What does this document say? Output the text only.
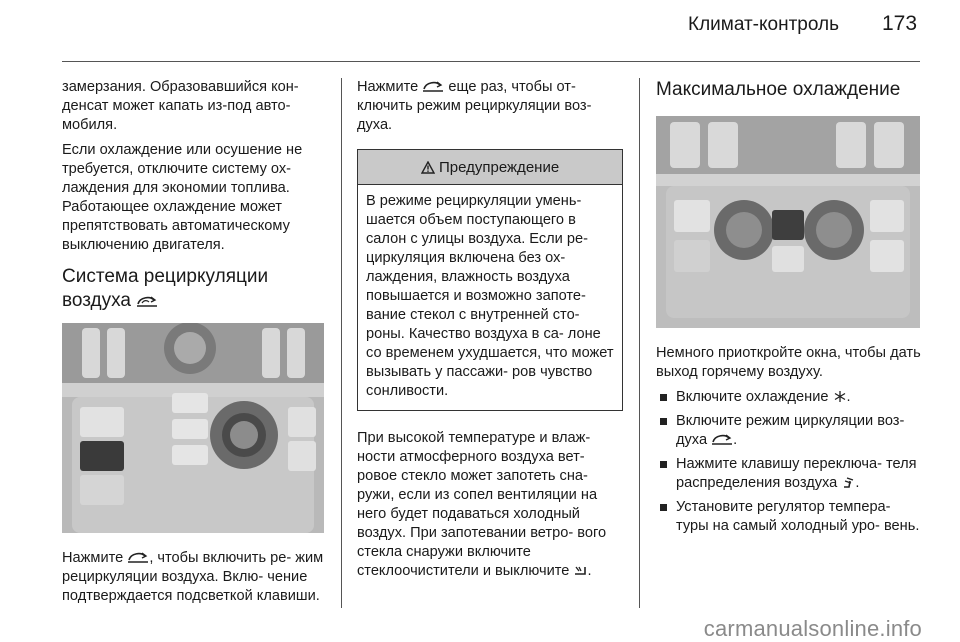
Климат-контроль 173

замерзания. Образовавшийся кон- денсат может капать из-под авто- мобиля.

Если охлаждение или осушение не требуется, отключите систему ох- лаждения для экономии топлива. Работающее охлаждение может препятствовать автоматическому выключению двигателя.

Система рециркуляции воздуха

Нажмите , чтобы включить ре- жим рециркуляции воздуха. Вклю- чение подтверждается подсветкой клавиши.

Нажмите еще раз, чтобы от- ключить режим рециркуляции воз- духа.

Предупреждение
В режиме рециркуляции умень- шается объем поступающего в салон с улицы воздуха. Если ре- циркуляция включена без ох- лаждения, влажность воздуха повышается и возможно запоте- вание стекол с внутренней сто- роны. Качество воздуха в са- лоне со временем ухудшается, что может вызывать у пассажи- ров чувство сонливости.

При высокой температуре и влаж- ности атмосферного воздуха вет- ровое стекло может запотеть сна- ружи, если из сопел вентиляции на него будет подаваться холодный воздух. При запотевании ветро- вого стекла снаружи включите стеклоочистители и выключите .

Максимальное охлаждение

Немного приоткройте окна, чтобы дать выход горячему воздуху.

Включите охлаждение .
Включите режим циркуляции воз- духа .
Нажмите клавишу переключа- теля распределения воздуха .
Установите регулятор темпера- туры на самый холодный уро- вень.
carmanualsonline.info
